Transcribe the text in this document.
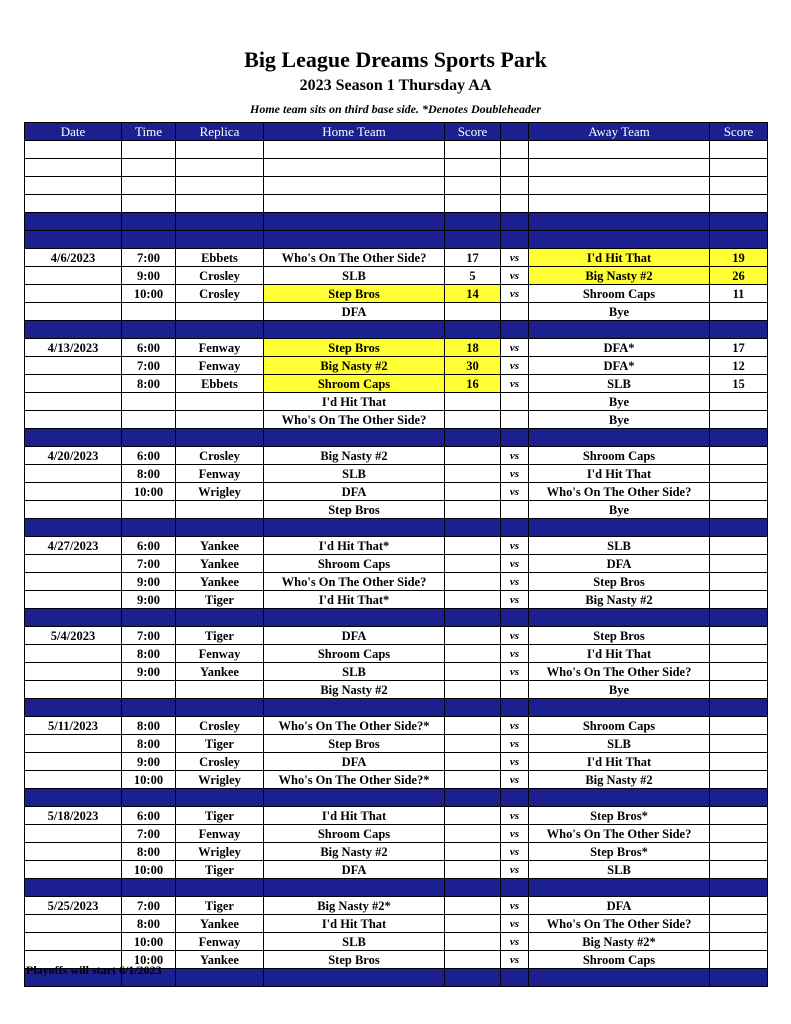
Big League Dreams Sports Park
2023 Season 1 Thursday AA
Home team sits on third base side. *Denotes Doubleheader
Date	Time	Replica	Home Team	Score		Away Team	Score

4/6/2023	7:00	Ebbets	Who's On The Other Side?	17	vs	I'd Hit That	19
	9:00	Crosley	SLB	5	vs	Big Nasty #2	26
	10:00	Crosley	Step Bros	14	vs	Shroom Caps	11
			DFA			Bye	

4/13/2023	6:00	Fenway	Step Bros	18	vs	DFA*	17
	7:00	Fenway	Big Nasty #2	30	vs	DFA*	12
	8:00	Ebbets	Shroom Caps	16	vs	SLB	15
			I'd Hit That			Bye	
			Who's On The Other Side?			Bye	

4/20/2023	6:00	Crosley	Big Nasty #2		vs	Shroom Caps	
	8:00	Fenway	SLB		vs	I'd Hit That	
	10:00	Wrigley	DFA		vs	Who's On The Other Side?	
			Step Bros			Bye	

4/27/2023	6:00	Yankee	I'd Hit That*		vs	SLB	
	7:00	Yankee	Shroom Caps		vs	DFA	
	9:00	Yankee	Who's On The Other Side?		vs	Step Bros	
	9:00	Tiger	I'd Hit That*		vs	Big Nasty #2	

5/4/2023	7:00	Tiger	DFA		vs	Step Bros	
	8:00	Fenway	Shroom Caps		vs	I'd Hit That	
	9:00	Yankee	SLB		vs	Who's On The Other Side?	
			Big Nasty #2			Bye	

5/11/2023	8:00	Crosley	Who's On The Other Side?*		vs	Shroom Caps	
	8:00	Tiger	Step Bros		vs	SLB	
	9:00	Crosley	DFA		vs	I'd Hit That	
	10:00	Wrigley	Who's On The Other Side?*		vs	Big Nasty #2	

5/18/2023	6:00	Tiger	I'd Hit That		vs	Step Bros*	
	7:00	Fenway	Shroom Caps		vs	Who's On The Other Side?	
	8:00	Wrigley	Big Nasty #2		vs	Step Bros*	
	10:00	Tiger	DFA		vs	SLB	

5/25/2023	7:00	Tiger	Big Nasty #2*		vs	DFA	
	8:00	Yankee	I'd Hit That		vs	Who's On The Other Side?	
	10:00	Fenway	SLB		vs	Big Nasty #2*	
	10:00	Yankee	Step Bros		vs	Shroom Caps	

Playoffs will start 6/1/2023
